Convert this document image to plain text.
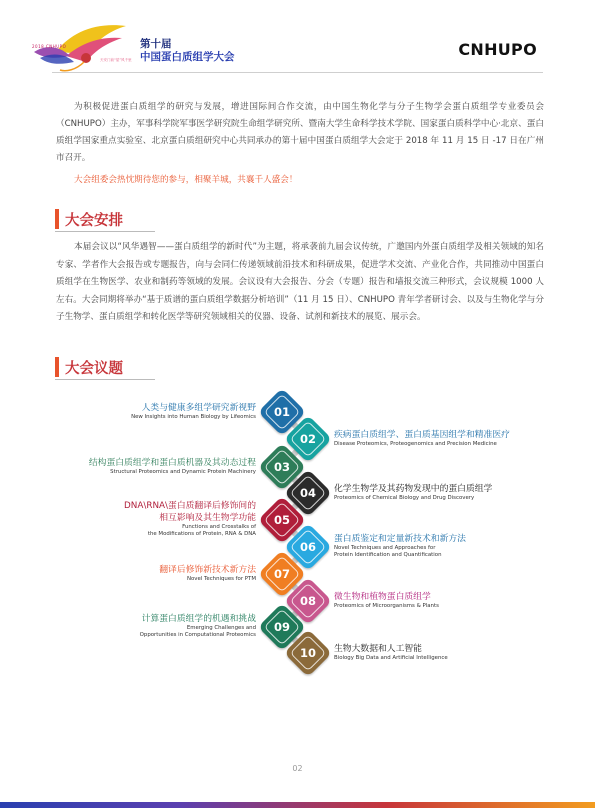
2018 CNHUPO
天安门前“星”风千里
第十届
中国蛋白质组学大会	CNHUPO
为积极促进蛋白质组学的研究与发展，增进国际间合作交流，由中国生物化学与分子生物学会蛋白质组学专业委员会（CNHUPO）主办，军事科学院军事医学研究院生命组学研究所、暨南大学生命科学技术学院、国家蛋白质科学中心·北京、蛋白质组学国家重点实验室、北京蛋白质组研究中心共同承办的第十届中国蛋白质组学大会定于 2018 年 11 月 15 日 -17 日在广州市召开。
大会组委会热忱期待您的参与，相聚羊城，共襄千人盛会！
大会安排
本届会议以“风华遇智——蛋白质组学的新时代”为主题，将承袭前九届会议传统，广邀国内外蛋白质组学及相关领域的知名专家、学者作大会报告或专题报告，向与会同仁传递领域前沿技术和科研成果，促进学术交流、产业化合作，共同推动中国蛋白质组学在生物医学、农业和制药等领域的发展。会议设有大会报告、分会（专题）报告和墙报交流三种形式，会议规模 1000 人左右。大会同期将举办“基于质谱的蛋白质组学数据分析培训”（11 月 15 日）、CNHUPO 青年学者研讨会、以及与生物化学与分子生物学、蛋白质组学和转化医学等研究领域相关的仪器、设备、试剂和新技术的展览、展示会。
大会议题
01
人类与健康多组学研究新视野
New Insights into Human Biology by Lifeomics
02	疾病蛋白质组学、蛋白质基因组学和精准医疗
Disease Proteomics, Proteogenomics and Precision Medicine
03
结构蛋白质组学和蛋白质机器及其动态过程
Structural Proteomics and Dynamic Protein Machinery
04	化学生物学及其药物发现中的蛋白质组学
Proteomics of Chemical Biology and Drug Discovery
05
DNA\RNA\蛋白质翻译后修饰间的
相互影响及其生物学功能
Functions and Crosstalks of
the Modifications of Protein, RNA & DNA
06
蛋白质鉴定和定量新技术和新方法
Novel Techniques and Approaches for
Protein Identification and Quantification
07
翻译后修饰新技术新方法
Novel Techniques for PTM
08	微生物和植物蛋白质组学
Proteomics of Microorganisms & Plants
09
计算蛋白质组学的机遇和挑战
Emerging Challenges and
Opportunities in Computational Proteomics
10	生物大数据和人工智能
Biology Big Data and Artificial Intelligence
02
